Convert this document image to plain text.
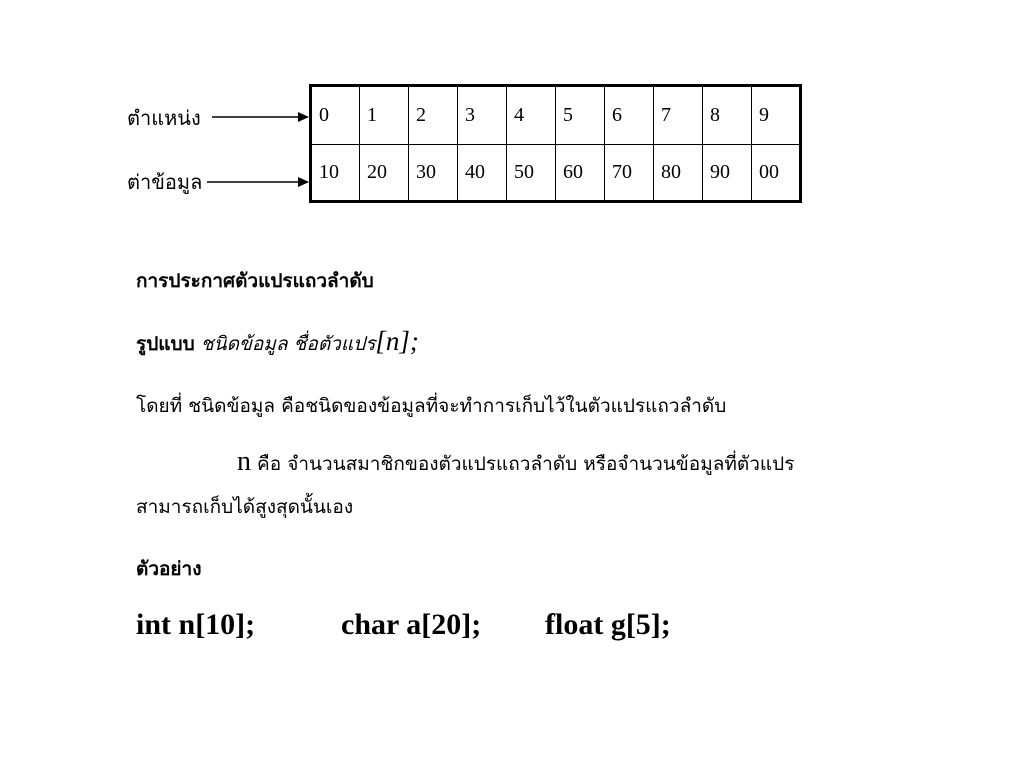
ตำแหน่ง
ต่าข้อมูล
0	1	2	3	4	5	6	7	8	9
10	20	30	40	50	60	70	80	90	00
การประกาศตัวแปรแถวลำดับ
รูปแบบ ชนิดข้อมูล ชื่อตัวแปร[n];
โดยที่ ชนิดข้อมูล คือชนิดของข้อมูลที่จะทำการเก็บไว้ในตัวแปรแถวลำดับ
n คือ จำนวนสมาชิกของตัวแปรแถวลำดับ หรือจำนวนข้อมูลที่ตัวแปร
สามารถเก็บได้สูงสุดนั้นเอง
ตัวอย่าง
int n[10];	char a[20]; float g[5];
